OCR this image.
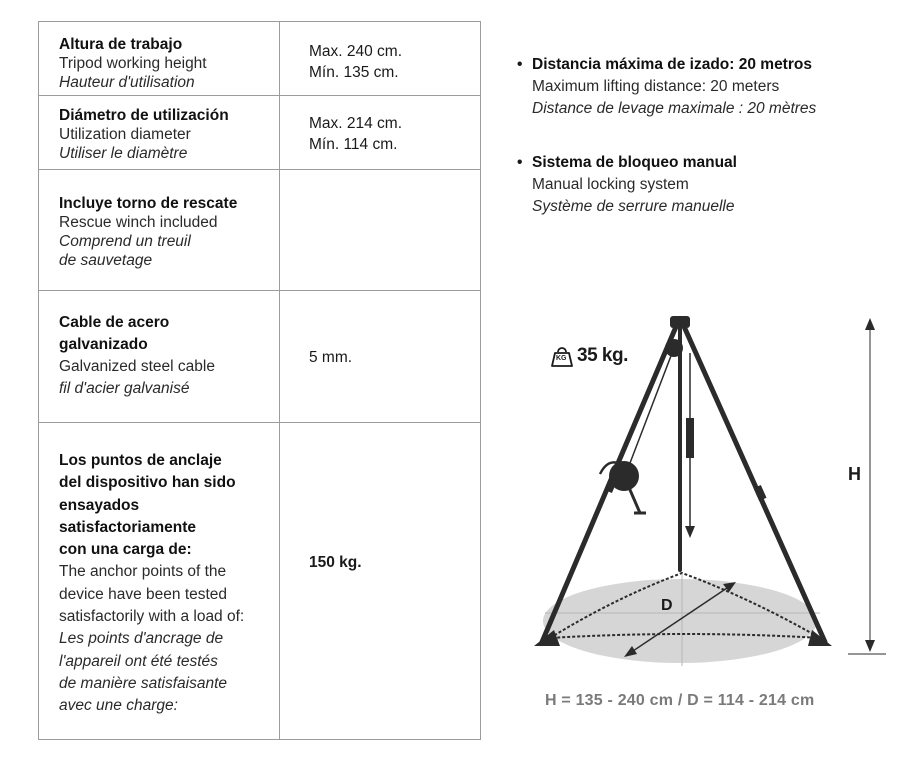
Altura de trabajo
Tripod working height
Hauteur d'utilisation
Max. 240 cm.
Mín. 135 cm.
Diámetro de utilización
Utilization diameter
Utiliser le diamètre
Max. 214 cm.
Mín. 114 cm.
Incluye torno de rescate
Rescue winch included
Comprend un treuil
de sauvetage
Cable de acero
galvanizado
Galvanized steel cable
fil d'acier galvanisé
5 mm.
Los puntos de anclaje
del dispositivo han sido
ensayados
satisfactoriamente
con una carga de:
The anchor points of the
device have been tested
satisfactorily with a load of:
Les points d'ancrage de
l'appareil ont été testés
de manière satisfaisante
avec une charge:
150 kg.
• Distancia máxima de izado: 20 metros
Maximum lifting distance: 20 meters
Distance de levage maximale : 20 mètres
• Sistema de bloqueo manual
Manual locking system
Système de serrure manuelle
KG 35 kg.
H
D
H = 135 - 240 cm / D = 114 - 214 cm
